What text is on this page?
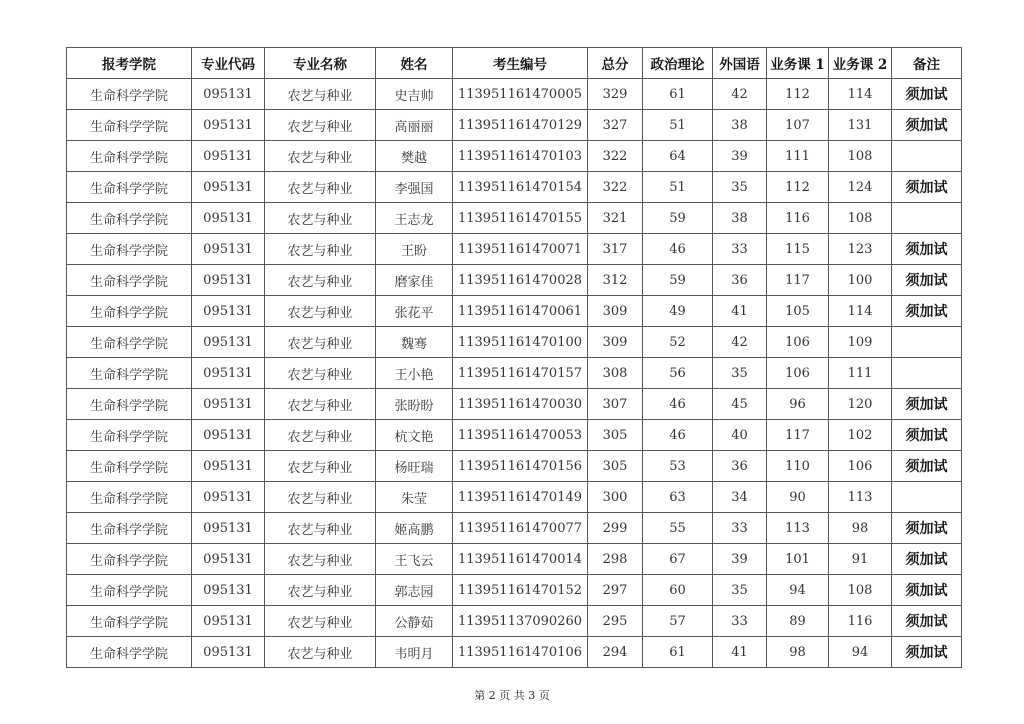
报考学院	专业代码	专业名称	姓名	考生编号	总分	政治理论	外国语	业务课 1	业务课 2	备注
生命科学学院	095131	农艺与种业	史吉帅	113951161470005	329	61	42	112	114	须加试
生命科学学院	095131	农艺与种业	高丽丽	113951161470129	327	51	38	107	131	须加试
生命科学学院	095131	农艺与种业	樊越	113951161470103	322	64	39	111	108	
生命科学学院	095131	农艺与种业	李强国	113951161470154	322	51	35	112	124	须加试
生命科学学院	095131	农艺与种业	王志龙	113951161470155	321	59	38	116	108	
生命科学学院	095131	农艺与种业	王盼	113951161470071	317	46	33	115	123	须加试
生命科学学院	095131	农艺与种业	磨家佳	113951161470028	312	59	36	117	100	须加试
生命科学学院	095131	农艺与种业	张花平	113951161470061	309	49	41	105	114	须加试
生命科学学院	095131	农艺与种业	魏骞	113951161470100	309	52	42	106	109	
生命科学学院	095131	农艺与种业	王小艳	113951161470157	308	56	35	106	111	
生命科学学院	095131	农艺与种业	张盼盼	113951161470030	307	46	45	96	120	须加试
生命科学学院	095131	农艺与种业	杭文艳	113951161470053	305	46	40	117	102	须加试
生命科学学院	095131	农艺与种业	杨旺瑞	113951161470156	305	53	36	110	106	须加试
生命科学学院	095131	农艺与种业	朱莹	113951161470149	300	63	34	90	113	
生命科学学院	095131	农艺与种业	姬高鹏	113951161470077	299	55	33	113	98	须加试
生命科学学院	095131	农艺与种业	王飞云	113951161470014	298	67	39	101	91	须加试
生命科学学院	095131	农艺与种业	郭志园	113951161470152	297	60	35	94	108	须加试
生命科学学院	095131	农艺与种业	公静茹	113951137090260	295	57	33	89	116	须加试
生命科学学院	095131	农艺与种业	韦明月	113951161470106	294	61	41	98	94	须加试
第 2 页 共 3 页
